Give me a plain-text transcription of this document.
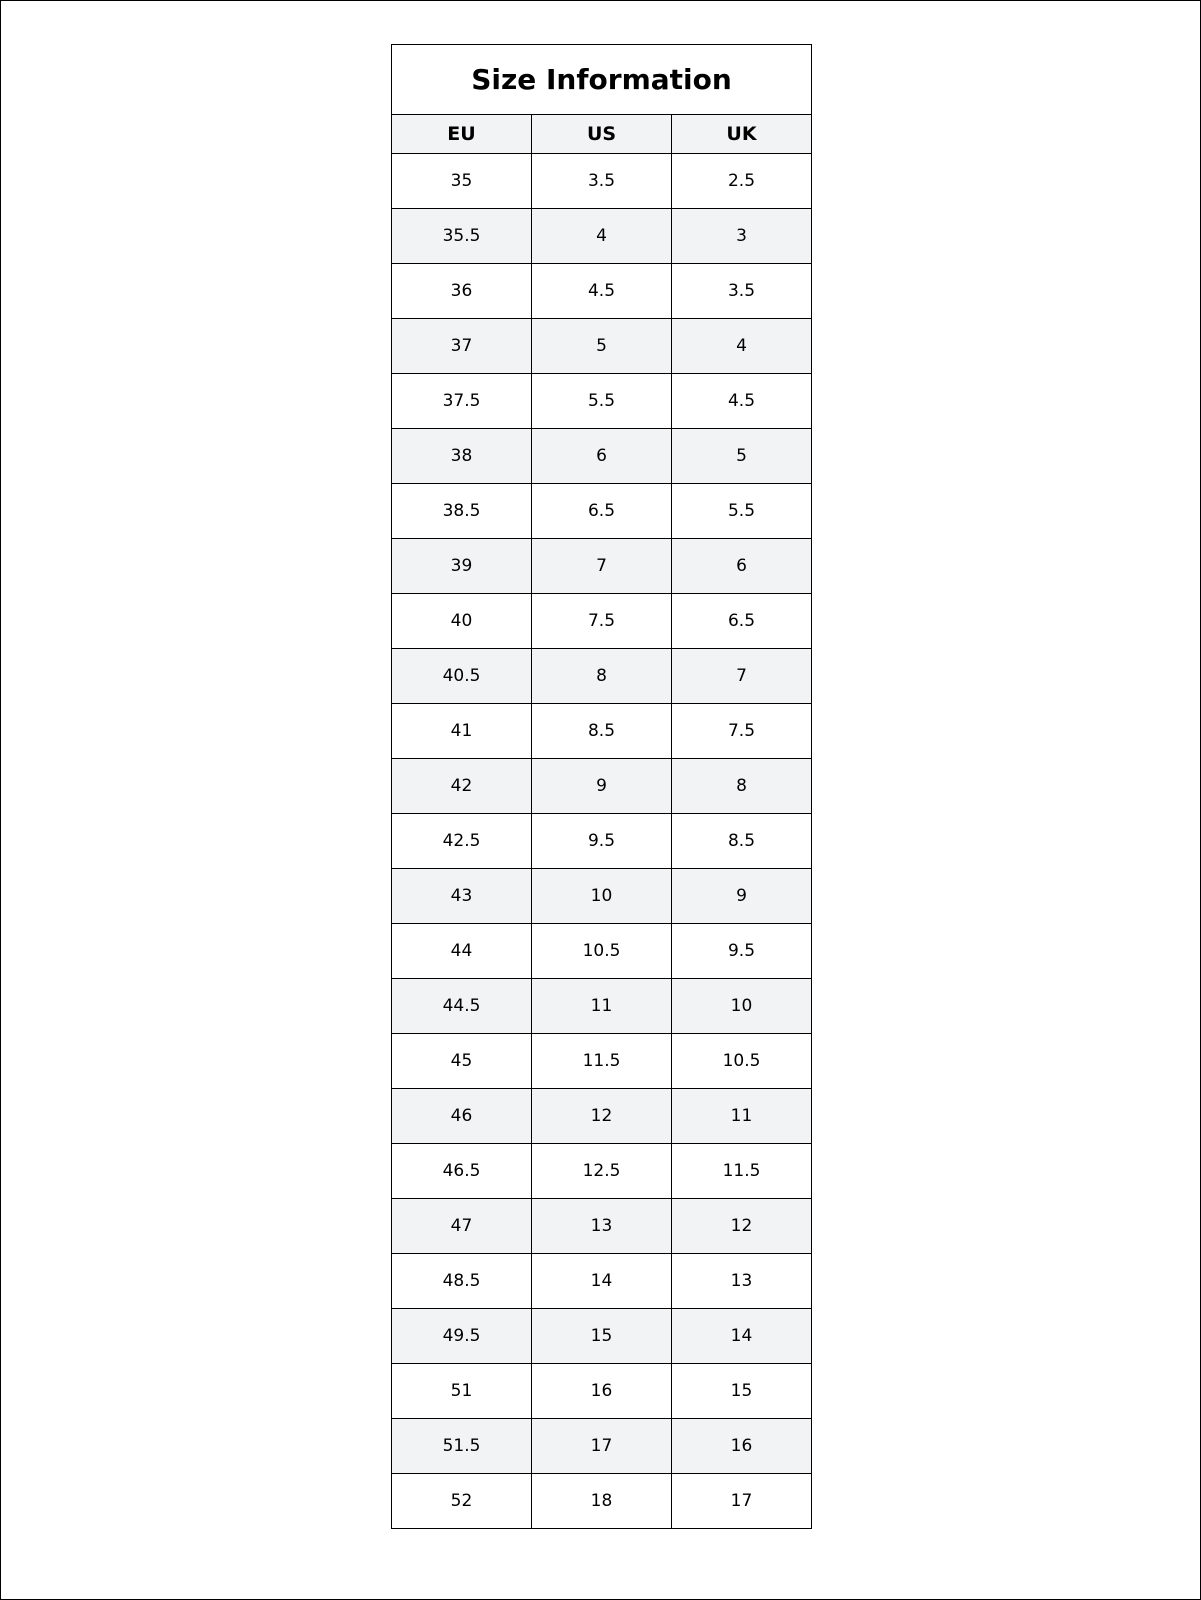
Size Information		
EU	US	UK
35	3.5	2.5
35.5	4	3
36	4.5	3.5
37	5	4
37.5	5.5	4.5
38	6	5
38.5	6.5	5.5
39	7	6
40	7.5	6.5
40.5	8	7
41	8.5	7.5
42	9	8
42.5	9.5	8.5
43	10	9
44	10.5	9.5
44.5	11	10
45	11.5	10.5
46	12	11
46.5	12.5	11.5
47	13	12
48.5	14	13
49.5	15	14
51	16	15
51.5	17	16
52	18	17
